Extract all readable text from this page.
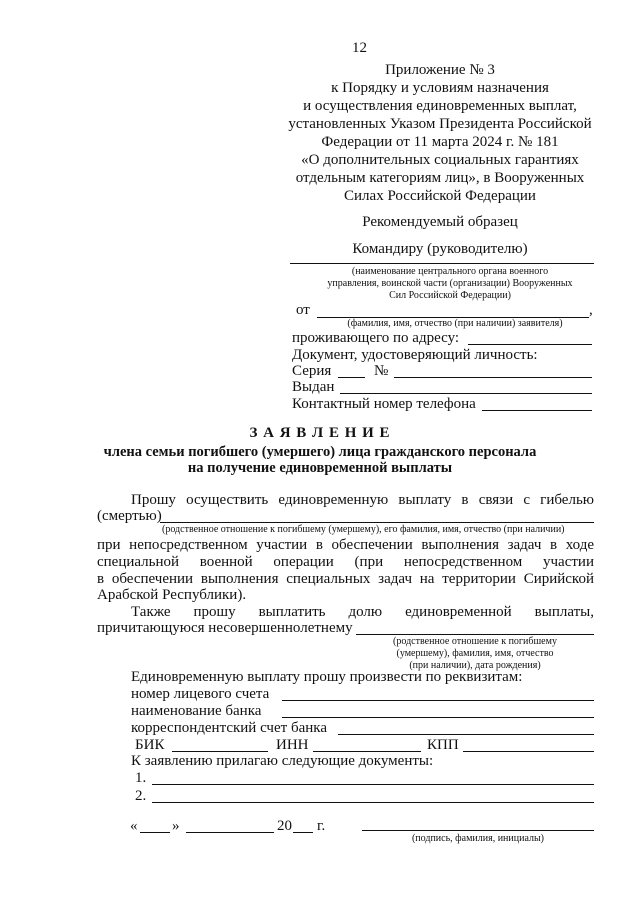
12
Приложение № 3
к Порядку и условиям назначения
и осуществления единовременных выплат,
установленных Указом Президента Российской
Федерации от 11 марта 2024 г. № 181
«О дополнительных социальных гарантиях
отдельным категориям лиц», в Вооруженных
Силах Российской Федерации
Рекомендуемый образец
Командиру (руководителю)
(наименование центрального органа военного
управления, воинской части (организации) Вооруженных
Сил Российской Федерации)
от	,
(фамилия, имя, отчество (при наличии) заявителя)
проживающего по адресу:
Документ, удостоверяющий личность:
Серия	№
Выдан
Контактный номер телефона
З А Я В Л Е Н И Е
члена семьи погибшего (умершего) лица гражданского персонала
на получение единовременной выплаты
Прошу осуществить единовременную выплату в связи с гибелью
(смертью)
(родственное отношение к погибшему (умершему), его фамилия, имя, отчество (при наличии)
при непосредственном участии в обеспечении выполнения задач в ходе
специальной военной операции (при непосредственном участии
в обеспечении выполнения специальных задач на территории Сирийской
Арабской Республики).
Также прошу выплатить долю единовременной выплаты,
причитающуюся несовершеннолетнему
(родственное отношение к погибшему
(умершему), фамилия, имя, отчество
(при наличии), дата рождения)
Единовременную выплату прошу произвести по реквизитам:
номер лицевого счета
наименование банка
корреспондентский счет банка
БИК	ИНН	КПП
К заявлению прилагаю следующие документы:
1.
2.
« »	20 г.
(подпись, фамилия, инициалы)
